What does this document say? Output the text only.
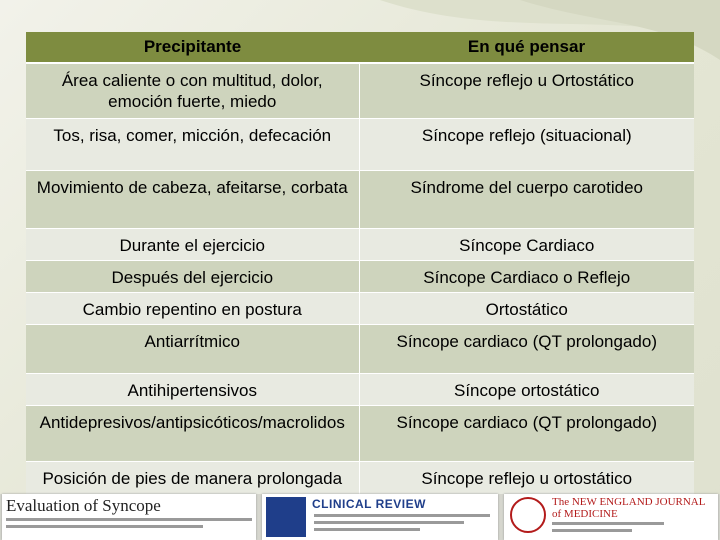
Precipitante	En qué pensar
Área caliente o con multitud, dolor, emoción fuerte, miedo	Síncope reflejo u Ortostático
Tos, risa, comer, micción, defecación	Síncope reflejo (situacional)
Movimiento de cabeza, afeitarse, corbata	Síndrome del cuerpo carotideo
Durante el ejercicio	Síncope Cardiaco
Después del ejercicio	Síncope Cardiaco o Reflejo
Cambio repentino en postura	Ortostático
Antiarrítmico	Síncope cardiaco (QT prolongado)
Antihipertensivos	Síncope ortostático
Antidepresivos/antipsicóticos/macrolidos	Síncope cardiaco (QT prolongado)
Posición de pies de manera prolongada	Síncope reflejo u ortostático
Evaluation of Syncope	CLINICAL REVIEW	The NEW ENGLAND JOURNAL of MEDICINE
